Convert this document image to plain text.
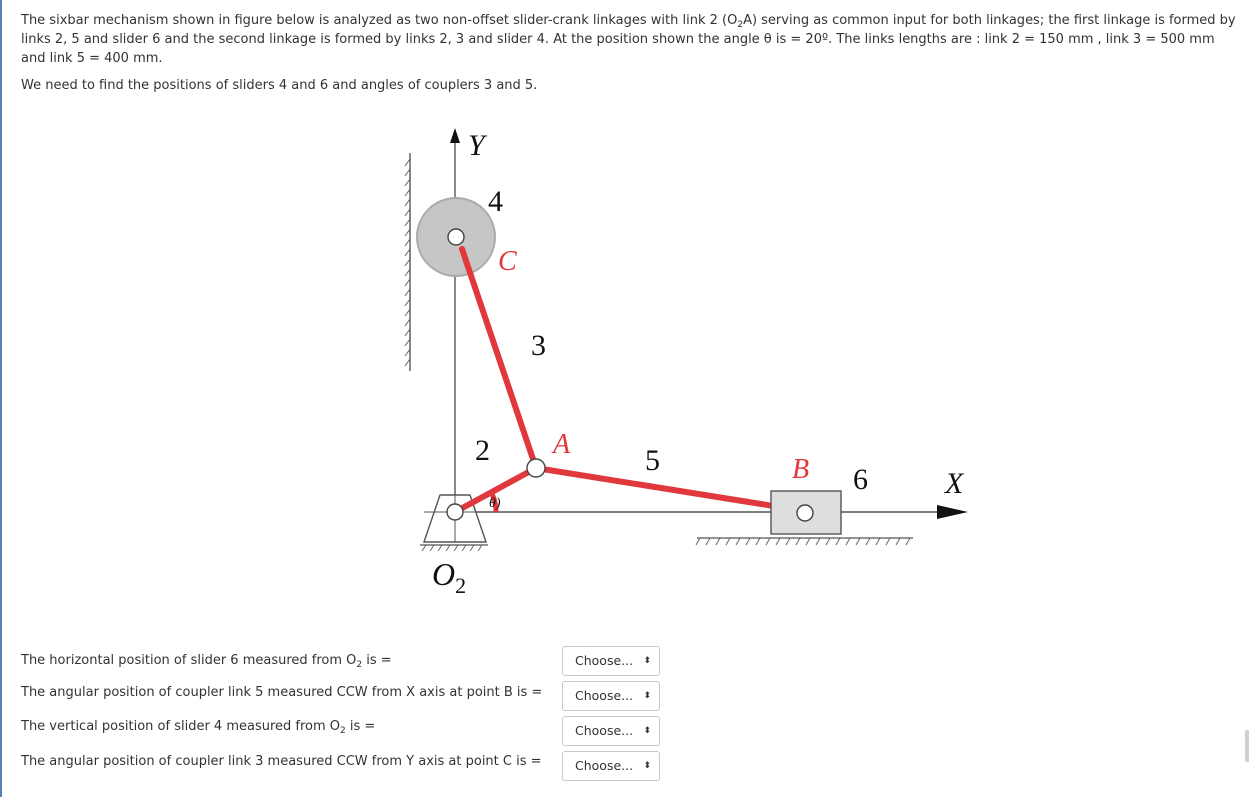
The sixbar mechanism shown in figure below is analyzed as two non-offset slider-crank linkages with link 2 $(O_2A)$ serving as common input for both linkages; the first linkage is formed by links 2, 5 and slider 6 and the second linkage is formed by links 2, 3 and slider 4. At the position shown the angle θ is = 20º. The links lengths are : link 2 = 150 mm , link 3 = 500 mm and link 5 = 400 mm.

We need to find the positions of sliders 4 and 6 and angles of couplers 3 and 5.

Y
4
C
X
3
2 A 5	B 6
θ)
$O_2$
The horizontal position of slider 6 measured from $O_2$ is =	Choose... ⬍
The angular position of coupler link 5 measured CCW from X axis at point B is =	Choose... ⬍
The vertical position of slider 4 measured from $O_2$ is =	Choose... ⬍
The angular position of coupler link 3 measured CCW from Y axis at point C is =	Choose... ⬍
